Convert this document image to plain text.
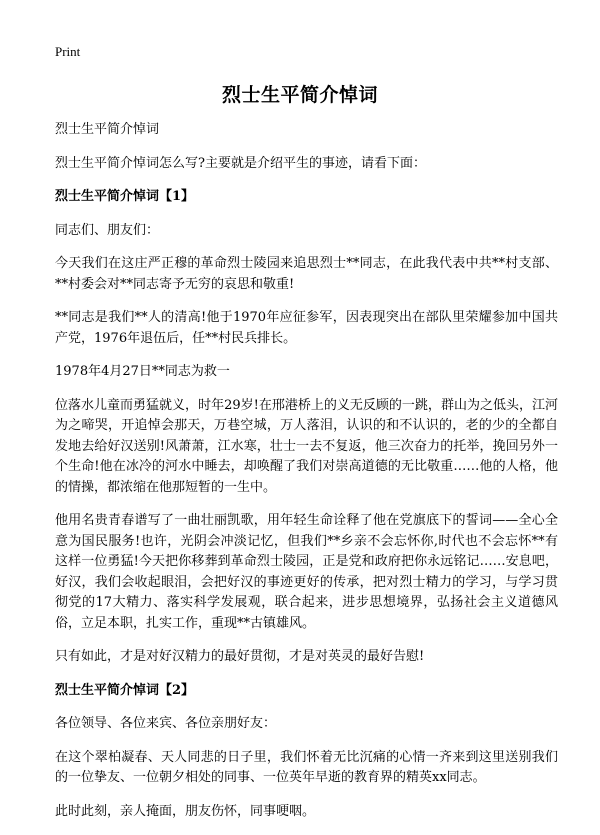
Print
烈士生平简介悼词

烈士生平简介悼词

烈士生平简介悼词怎么写?主要就是介绍平生的事迹，请看下面：

烈士生平简介悼词【1】

同志们、朋友们：

今天我们在这庄严正穆的革命烈士陵园来追思烈士**同志，在此我代表中共**村支部、**村委会对**同志寄予无穷的哀思和敬重!

**同志是我们**人的清高!他于1970年应征参军，因表现突出在部队里荣耀参加中国共产党，1976年退伍后，任**村民兵排长。

1978年4月27日**同志为救一

位落水儿童而勇猛就义，时年29岁!在邢港桥上的义无反顾的一跳，群山为之低头，江河为之啼哭，开追悼会那天，万巷空城，万人落泪，认识的和不认识的，老的少的全都自发地去给好汉送别!风萧萧，江水寒，壮士一去不复返，他三次奋力的托举，挽回另外一个生命!他在冰冷的河水中睡去，却唤醒了我们对崇高道德的无比敬重……他的人格，他的情操，都浓缩在他那短暂的一生中。

他用名贵青春谱写了一曲壮丽凯歌，用年轻生命诠释了他在党旗底下的誓词——全心全意为国民服务!也许，光阴会冲淡记忆，但我们**乡亲不会忘怀你,时代也不会忘怀**有这样一位勇猛!今天把你移葬到革命烈士陵园，正是党和政府把你永远铭记……安息吧，好汉，我们会收起眼泪，会把好汉的事迹更好的传承，把对烈士精力的学习，与学习贯彻党的17大精力、落实科学发展观，联合起来，进步思想境界，弘扬社会主义道德风俗，立足本职，扎实工作，重现**古镇雄风。

只有如此，才是对好汉精力的最好贯彻，才是对英灵的最好告慰!

烈士生平简介悼词【2】

各位领导、各位来宾、各位亲朋好友：

在这个翠柏凝春、天人同悲的日子里，我们怀着无比沉痛的心情一齐来到这里送别我们的一位挚友、一位朝夕相处的同事、一位英年早逝的教育界的精英xx同志。

此时此刻，亲人掩面，朋友伤怀，同事哽咽。
